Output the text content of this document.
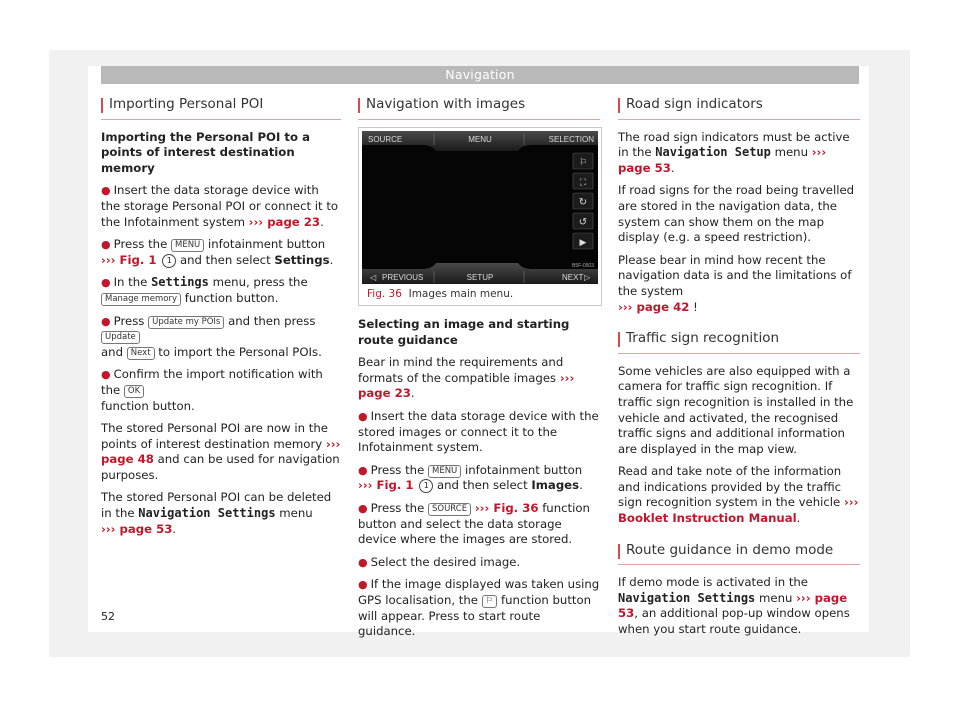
Navigation
Importing Personal POI

Importing the Personal POI to a points of interest destination memory

● Insert the data storage device with the storage Personal POI or connect it to the Infotainment system ››› page 23.

● Press the MENU infotainment button
››› Fig. 1 1 and then select Settings.

● In the Settings menu, press the
Manage memory function button.

● Press Update my POIs and then press Update
and Next to import the Personal POIs.

● Confirm the import notification with the OK
function button.

The stored Personal POI are now in the points of interest destination memory ››› page 48 and can be used for navigation purposes.

The stored Personal POI can be deleted in the Navigation Settings menu
››› page 53.

Navigation with images
SOURCE	MENU	SELECTION
◁ PREVIOUS	SETUP	NEXT ▷
⚐
⛶
↻
↺
▶
B5F-0503
Fig. 36 Images main menu.

Selecting an image and starting route guidance

Bear in mind the requirements and formats of the compatible images ››› page 23.

● Insert the data storage device with the stored images or connect it to the Infotainment system.

● Press the MENU infotainment button
››› Fig. 1 1 and then select Images.

● Press the SOURCE ››› Fig. 36 function button and select the data storage device where the images are stored.

● Select the desired image.

● If the image displayed was taken using GPS localisation, the ⚐ function button will appear. Press to start route guidance.

Road sign indicators

The road sign indicators must be active in the Navigation Setup menu ››› page 53.

If road signs for the road being travelled are stored in the navigation data, the system can show them on the map display (e.g. a speed restriction).

Please bear in mind how recent the navigation data is and the limitations of the system
››› page 42 !

Traffic sign recognition

Some vehicles are also equipped with a camera for traffic sign recognition. If traffic sign recognition is installed in the vehicle and activated, the recognised traffic signs and additional information are displayed in the map view.

Read and take note of the information and indications provided by the traffic sign recognition system in the vehicle ››› Booklet Instruction Manual.

Route guidance in demo mode

If demo mode is activated in the Navigation Settings menu ››› page 53, an additional pop-up window opens when you start route guidance.

52
